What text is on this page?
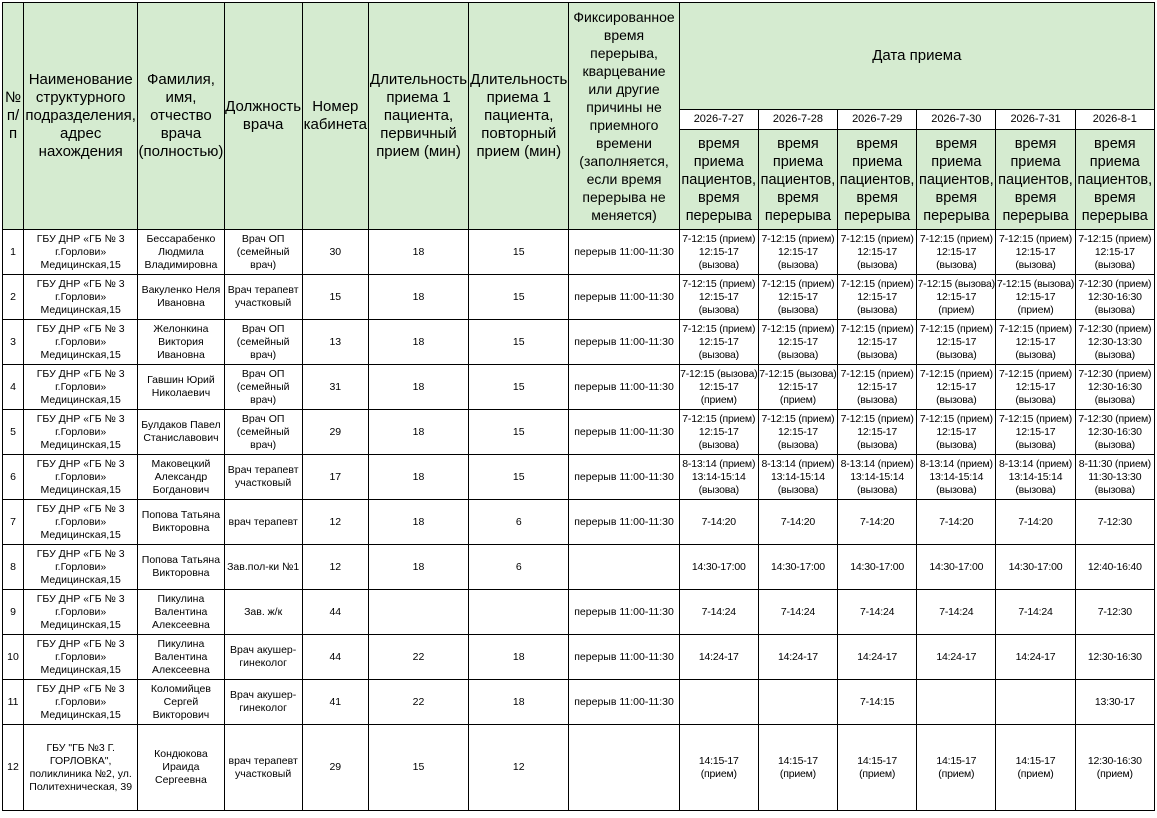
№ п/п	Наименование структурного подразделения, адрес нахождения	Фамилия, имя, отчество врача (полностью)	Должность врача	Номер кабинета	Длительность приема 1 пациента, первичный прием (мин)	Длительность приема 1 пациента, повторный прием (мин)	Фиксированное время перерыва, кварцевание или другие причины не приемного времени (заполняется, если время перерыва не меняется)	Дата приема					
								2026-7-27	2026-7-28	2026-7-29	2026-7-30	2026-7-31	2026-8-1
								время приема пациентов, время перерыва	время приема пациентов, время перерыва	время приема пациентов, время перерыва	время приема пациентов, время перерыва	время приема пациентов, время перерыва	время приема пациентов, время перерыва
1	ГБУ ДНР «ГБ № 3 г.Горлови» Медицинская,15	Бессарабенко Людмила Владимировна	Врач ОП (семейный врач)	30	18	15	перерыв 11:00-11:30	7-12:15 (прием) 12:15-17 (вызова)	7-12:15 (прием) 12:15-17 (вызова)	7-12:15 (прием) 12:15-17 (вызова)	7-12:15 (прием) 12:15-17 (вызова)	7-12:15 (прием) 12:15-17 (вызова)	7-12:15 (прием) 12:15-17 (вызова)
2	ГБУ ДНР «ГБ № 3 г.Горлови» Медицинская,15	Вакуленко Неля Ивановна	Врач терапевт участковый	15	18	15	перерыв 11:00-11:30	7-12:15 (прием) 12:15-17 (вызова)	7-12:15 (прием) 12:15-17 (вызова)	7-12:15 (прием) 12:15-17 (вызова)	7-12:15 (вызова) 12:15-17 (прием)	7-12:15 (вызова) 12:15-17 (прием)	7-12:30 (прием) 12:30-16:30 (вызова)
3	ГБУ ДНР «ГБ № 3 г.Горлови» Медицинская,15	Желонкина Виктория Ивановна	Врач ОП (семейный врач)	13	18	15	перерыв 11:00-11:30	7-12:15 (прием) 12:15-17 (вызова)	7-12:15 (прием) 12:15-17 (вызова)	7-12:15 (прием) 12:15-17 (вызова)	7-12:15 (прием) 12:15-17 (вызова)	7-12:15 (прием) 12:15-17 (вызова)	7-12:30 (прием) 12:30-13:30 (вызова)
4	ГБУ ДНР «ГБ № 3 г.Горлови» Медицинская,15	Гавшин Юрий Николаевич	Врач ОП (семейный врач)	31	18	15	перерыв 11:00-11:30	7-12:15 (вызова) 12:15-17 (прием)	7-12:15 (вызова) 12:15-17 (прием)	7-12:15 (прием) 12:15-17 (вызова)	7-12:15 (прием) 12:15-17 (вызова)	7-12:15 (прием) 12:15-17 (вызова)	7-12:30 (прием) 12:30-16:30 (вызова)
5	ГБУ ДНР «ГБ № 3 г.Горлови» Медицинская,15	Булдаков Павел Станиславович	Врач ОП (семейный врач)	29	18	15	перерыв 11:00-11:30	7-12:15 (прием) 12:15-17 (вызова)	7-12:15 (прием) 12:15-17 (вызова)	7-12:15 (прием) 12:15-17 (вызова)	7-12:15 (прием) 12:15-17 (вызова)	7-12:15 (прием) 12:15-17 (вызова)	7-12:30 (прием) 12:30-16:30 (вызова)
6	ГБУ ДНР «ГБ № 3 г.Горлови» Медицинская,15	Маковецкий Александр Богданович	Врач терапевт участковый	17	18	15	перерыв 11:00-11:30	8-13:14 (прием) 13:14-15:14 (вызова)	8-13:14 (прием) 13:14-15:14 (вызова)	8-13:14 (прием) 13:14-15:14 (вызова)	8-13:14 (прием) 13:14-15:14 (вызова)	8-13:14 (прием) 13:14-15:14 (вызова)	8-11:30 (прием) 11:30-13:30 (вызова)
7	ГБУ ДНР «ГБ № 3 г.Горлови» Медицинская,15	Попова Татьяна Викторовна	врач терапевт	12	18	6	перерыв 11:00-11:30	7-14:20	7-14:20	7-14:20	7-14:20	7-14:20	7-12:30
8	ГБУ ДНР «ГБ № 3 г.Горлови» Медицинская,15	Попова Татьяна Викторовна	Зав.пол-ки №1	12	18	6		14:30-17:00	14:30-17:00	14:30-17:00	14:30-17:00	14:30-17:00	12:40-16:40
9	ГБУ ДНР «ГБ № 3 г.Горлови» Медицинская,15	Пикулина Валентина Алексеевна	Зав. ж/к	44			перерыв 11:00-11:30	7-14:24	7-14:24	7-14:24	7-14:24	7-14:24	7-12:30
10	ГБУ ДНР «ГБ № 3 г.Горлови» Медицинская,15	Пикулина Валентина Алексеевна	Врач акушер-гинеколог	44	22	18	перерыв 11:00-11:30	14:24-17	14:24-17	14:24-17	14:24-17	14:24-17	12:30-16:30
11	ГБУ ДНР «ГБ № 3 г.Горлови» Медицинская,15	Коломийцев Сергей Викторович	Врач акушер-гинеколог	41	22	18	перерыв 11:00-11:30			7-14:15			13:30-17
12	ГБУ "ГБ №3 Г. ГОРЛОВКА", поликлиника №2, ул. Политехническая, 39	Кондюкова Ираида Сергеевна	врач терапевт участковый	29	15	12		14:15-17 (прием)	14:15-17 (прием)	14:15-17 (прием)	14:15-17 (прием)	14:15-17 (прием)	12:30-16:30 (прием)
